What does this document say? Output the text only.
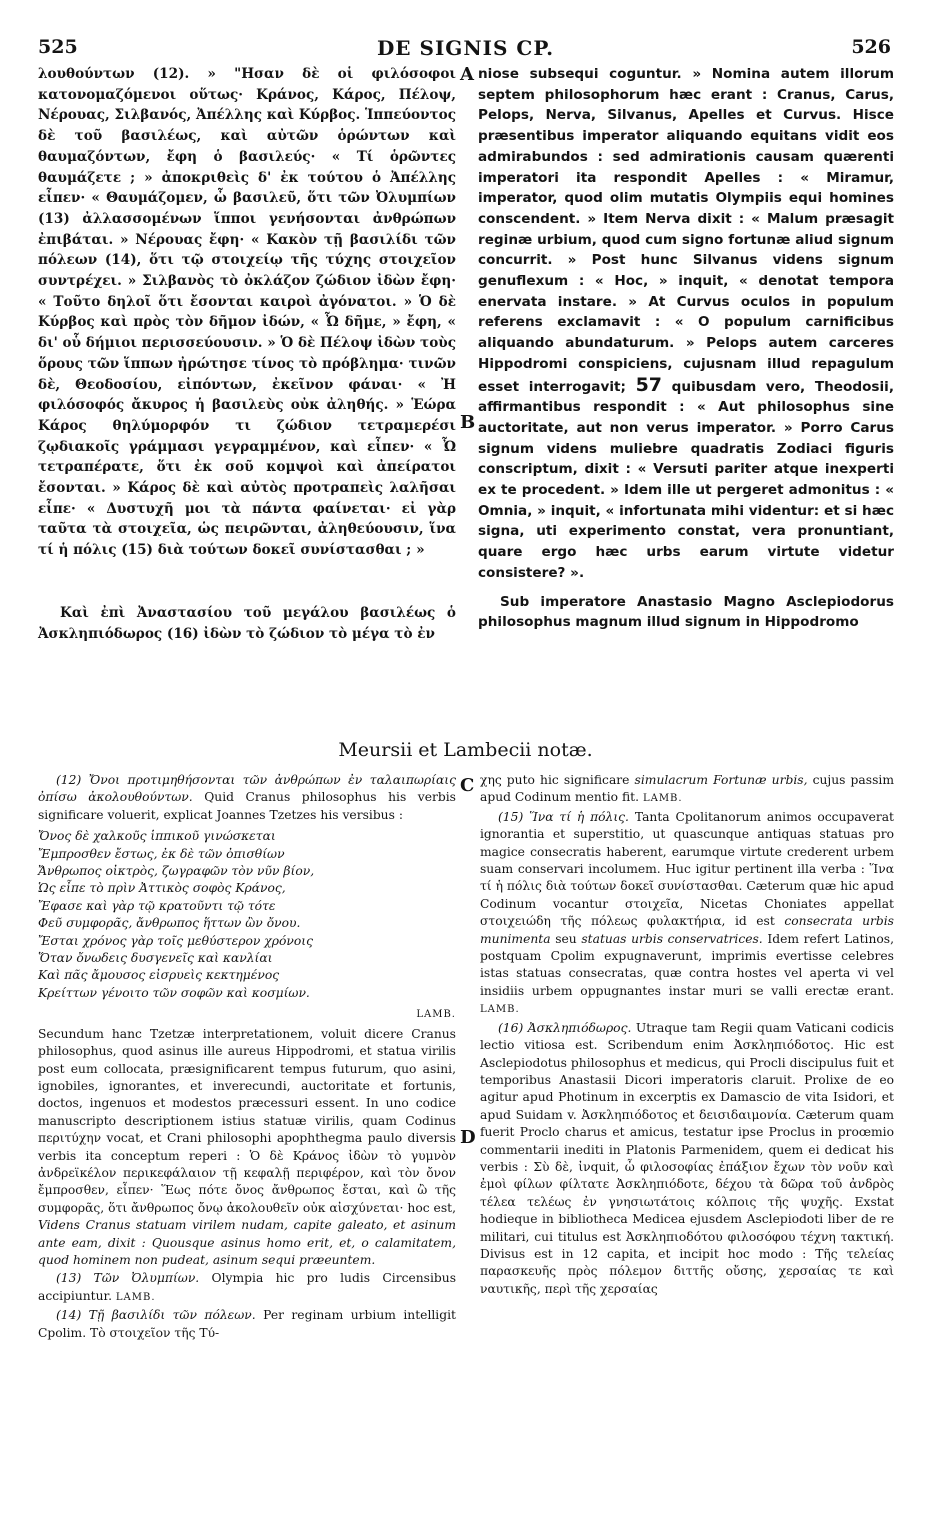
525	DE SIGNIS CP.	526
A
B
C
D

λουθούντων (12). » "Ησαν δὲ οἱ φιλόσοφοι κατονομαζόμενοι οὕτως· Κράνος, Κάρος, Πέλοψ, Νέρουας, Σιλβανός, Ἀπέλλης καὶ Κύρβος. Ἱππεύοντος δὲ τοῦ βασιλέως, καὶ αὐτῶν ὁρώντων καὶ θαυμαζόντων, ἔφη ὁ βασιλεύς· « Τί ὁρῶντες θαυμάζετε ; » ἀποκριθεὶς δ' ἐκ τούτου ὁ Ἀπέλλης εἶπεν· « Θαυμάζομεν, ὦ βασιλεῦ, ὅτι τῶν Ὀλυμπίων (13) ἀλλασσομένων ἵπποι γενήσονται ἀνθρώπων ἐπιβάται. » Νέρουας ἔφη· « Κακὸν τῇ βασιλίδι τῶν πόλεων (14), ὅτι τῷ στοιχείῳ τῆς τύχης στοιχεῖον συντρέχει. » Σιλβανὸς τὸ ὀκλάζον ζώδιον ἰδὼν ἔφη· « Τοῦτο δηλοῖ ὅτι ἔσονται καιροὶ ἀγόνατοι. » Ὁ δὲ Κύρβος καὶ πρὸς τὸν δῆμον ἰδών, « Ὦ δῆμε, » ἔφη, « δι' οὗ δήμιοι περισσεύουσιν. » Ὁ δὲ Πέλοψ ἰδὼν τοὺς ὅρους τῶν ἵππων ἠρώτησε τίνος τὸ πρόβλημα· τινῶν δὲ, Θεοδοσίου, εἰπόντων, ἐκεῖνον φάναι· « Ἠ φιλόσοφός ἄκυρος ἡ βασιλεὺς οὐκ ἀληθής. » Ἑώρα Κάρος θηλύμορφόν τι ζώδιον τετραμερέσι ζῳδιακοῖς γράμμασι γεγραμμένον, καὶ εἶπεν· « Ὦ τετραπέρατε, ὅτι ἐκ σοῦ κομψοὶ καὶ ἀπείρατοι ἔσονται. » Κάρος δὲ καὶ αὐτὸς προτραπεὶς λαλῆσαι εἶπε· « Δυστυχῆ μοι τὰ πάντα φαίνεται· εἰ γὰρ ταῦτα τὰ στοιχεῖα, ὡς πειρῶνται, ἀληθεύουσιν, ἵνα τί ἡ πόλις (15) διὰ τούτων δοκεῖ συνίστασθαι ; »

Καὶ ἐπὶ Ἀναστασίου τοῦ μεγάλου βασιλέως ὁ Ἀσκληπιόδωρος (16) ἰδὼν τὸ ζώδιον τὸ μέγα τὸ ἐν

niose subsequi coguntur. » Nomina autem illorum septem philosophorum hæc erant : Cranus, Carus, Pelops, Nerva, Silvanus, Apelles et Curvus. Hisce præsentibus imperator aliquando equitans vidit eos admirabundos : sed admirationis causam quærenti imperatori ita respondit Apelles : « Miramur, imperator, quod olim mutatis Olympiis equi homines conscendent. » Item Nerva dixit : « Malum præsagit reginæ urbium, quod cum signo fortunæ aliud signum concurrit. » Post hunc Silvanus videns signum genuflexum : « Hoc, » inquit, « denotat tempora enervata instare. » At Curvus oculos in populum referens exclamavit : « O populum carnificibus aliquando abundaturum. » Pelops autem carceres Hippodromi conspiciens, cujusnam illud repagulum esset interrogavit; 57 quibusdam vero, Theodosii, affirmantibus respondit : « Aut philosophus sine auctoritate, aut non verus imperator. » Porro Carus signum videns muliebre quadratis Zodiaci figuris conscriptum, dixit : « Versuti pariter atque inexperti ex te procedent. » Idem ille ut pergeret admonitus : « Omnia, » inquit, « infortunata mihi videntur: et si hæc signa, uti experimento constat, vera pronuntiant, quare ergo hæc urbs earum virtute videtur consistere? ».

Sub imperatore Anastasio Magno Asclepiodorus philosophus magnum illud signum in Hippodromo

Meursii et Lambecii notæ.

(12) Ὄνοι προτιμηθήσονται τῶν ἀνθρώπων ἐν ταλαιπωρίαις ὀπίσω ἀκολουθούντων. Quid Cranus philosophus his verbis significare voluerit, explicat Joannes Tzetzes his versibus :

Ὄνος δὲ χαλκοῦς ἱππικοῦ γινώσκεται
Ἔμπροσθεν ἔστως, ἐκ δὲ τῶν ὀπισθίων
Ἄνθρωπος οἰκτρὸς, ζωγραφῶν τὸν νῦν βίον,
Ὡς εἶπε τὸ πρὶν Ἀττικὸς σοφὸς Κράνος,
Ἔφασε καὶ γὰρ τῷ κρατοῦντι τῷ τότε
Φεῦ συμφορᾶς, ἄνθρωπος ἥττων ὢν ὄνου.
Ἔσται χρόνος γὰρ τοῖς μεθύστερον χρόνοις
Ὅταν ὄνωδεις δυσγενεῖς καὶ κανλίαι
Καὶ πᾶς ἄμουσος εἰσρυεὶς κεκτημένος
Κρείττων γένοιτο τῶν σοφῶν καὶ κοσμίων.
LAMB.

Secundum hanc Tzetzæ interpretationem, voluit dicere Cranus philosophus, quod asinus ille aureus Hippodromi, et statua virilis post eum collocata, præsignificarent tempus futurum, quo asini, ignobiles, ignorantes, et inverecundi, auctoritate et fortunis, doctos, ingenuos et modestos præcessuri essent. In uno codice manuscripto descriptionem istius statuæ virilis, quam Codinus περιτύχην vocat, et Crani philosophi apophthegma paulo diversis verbis ita conceptum reperi : Ὁ δὲ Κράνος ἰδὼν τὸ γυμνὸν ἀνδρεϊκέλον περικεφάλαιον τῇ κεφαλῇ περιφέρον, καὶ τὸν ὄνον ἔμπροσθεν, εἶπεν· Ἕως πότε ὄνος ἄνθρωπος ἔσται, καὶ ὢ τῆς συμφορᾶς, ὅτι ἄνθρωπος ὄνῳ ἀκολουθεῖν οὐκ αἰσχύνεται· hoc est, Videns Cranus statuam virilem nudam, capite galeato, et asinum ante eam, dixit : Quousque asinus homo erit, et, o calamitatem, quod hominem non pudeat, asinum sequi præeuntem.

(13) Τῶν Ὀλυμπίων. Olympia hic pro ludis Circensibus accipiuntur. LAMB.

(14) Τῇ βασιλίδι τῶν πόλεων. Per reginam urbium intelligit Cpolim. Τὸ στοιχεῖον τῆς Τύ-

χης puto hic significare simulacrum Fortunæ urbis, cujus passim apud Codinum mentio fit. LAMB.

(15) Ἵνα τί ἡ πόλις. Tanta Cpolitanorum animos occupaverat ignorantia et superstitio, ut quascunque antiquas statuas pro magice consecratis haberent, earumque virtute crederent urbem suam conservari incolumem. Huc igitur pertinent illa verba : Ἵνα τί ἡ πόλις διὰ τούτων δοκεῖ συνίστασθαι. Cæterum quæ hic apud Codinum vocantur στοιχεῖα, Nicetas Choniates appellat στοιχειώδη τῆς πόλεως φυλακτήρια, id est consecrata urbis munimenta seu statuas urbis conservatrices. Idem refert Latinos, postquam Cpolim expugnaverunt, imprimis evertisse celebres istas statuas consecratas, quæ contra hostes vel aperta vi vel insidiis urbem oppugnantes instar muri se valli erectæ erant. LAMB.

(16) Ἀσκληπιόδωρος. Utraque tam Regii quam Vaticani codicis lectio vitiosa est. Scribendum enim Ἀσκληπιόδοτος. Hic est Asclepiodotus philosophus et medicus, qui Procli discipulus fuit et temporibus Anastasii Dicori imperatoris claruit. Prolixe de eo agitur apud Photinum in excerptis ex Damascio de vita Isidori, et apud Suidam v. Ἀσκληπιόδοτος et δεισιδαιμονία. Cæterum quam fuerit Proclo charus et amicus, testatur ipse Proclus in proœmio commentarii inediti in Platonis Parmenidem, quem ei dedicat his verbis : Σὺ δὲ, ἰνquit, ὦ φιλοσοφίας ἐπάξιον ἔχων τὸν νοῦν καὶ ἐμοὶ φίλων φίλτατε Ἀσκληπιόδοτε, δέχου τὰ δῶρα τοῦ ἀνδρὸς τέλεα τελέως ἐν γνησιωτάτοις κόλποις τῆς ψυχῆς. Exstat hodieque in bibliotheca Medicea ejusdem Asclepiodoti liber de re militari, cui titulus est Ἀσκληπιοδότου φιλοσόφου τέχνη τακτική. Divisus est in 12 capita, et incipit hoc modo : Τῆς τελείας παρασκευῆς πρὸς πόλεμον διττῆς οὔσης, χερσαίας τε καὶ ναυτικῆς, περὶ τῆς χερσαίας
